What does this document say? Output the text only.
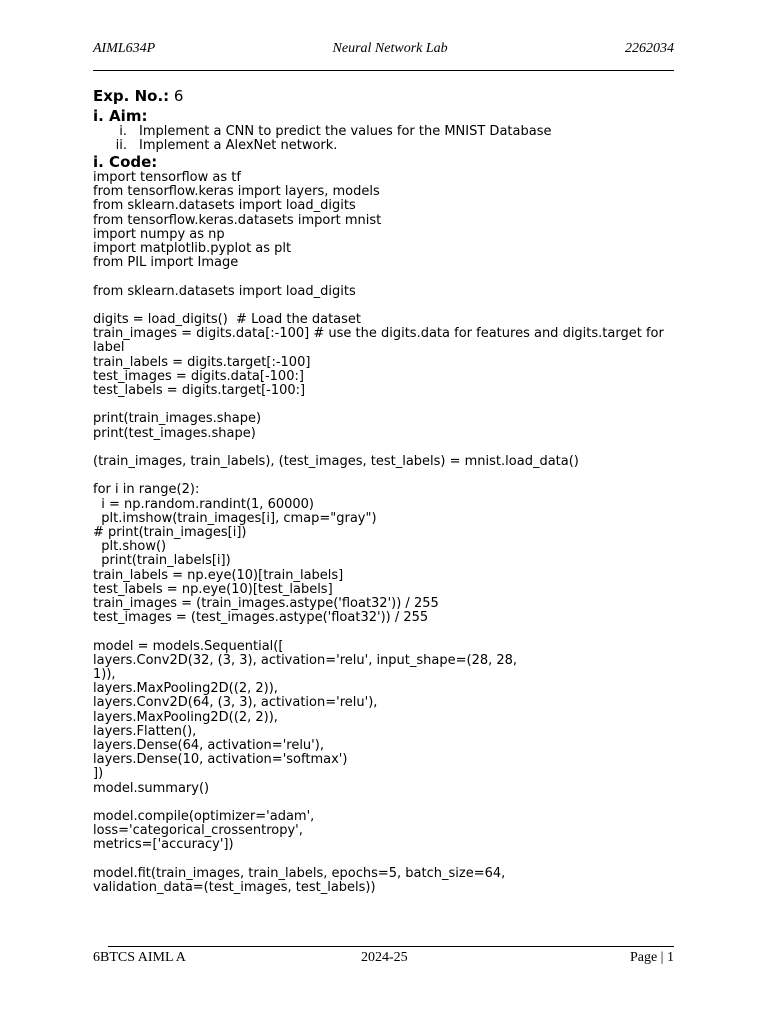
AIML634P	Neural Network Lab	2262034

Exp. No.: 6

i. Aim:
i. Implement a CNN to predict the values for the MNIST Database
ii. Implement a AlexNet network.
i. Code:
import tensorflow as tf
from tensorflow.keras import layers, models
from sklearn.datasets import load_digits
from tensorflow.keras.datasets import mnist
import numpy as np
import matplotlib.pyplot as plt
from PIL import Image
from sklearn.datasets import load_digits
digits = load_digits()  # Load the dataset
train_images = digits.data[:-100] # use the digits.data for features and digits.target for
label
train_labels = digits.target[:-100]
test_images = digits.data[-100:]
test_labels = digits.target[-100:]
print(train_images.shape)
print(test_images.shape)
(train_images, train_labels), (test_images, test_labels) = mnist.load_data()
for i in range(2):
i = np.random.randint(1, 60000)
plt.imshow(train_images[i], cmap="gray")
# print(train_images[i])
plt.show()
print(train_labels[i])
train_labels = np.eye(10)[train_labels]
test_labels = np.eye(10)[test_labels]
train_images = (train_images.astype('float32')) / 255
test_images = (test_images.astype('float32')) / 255
model = models.Sequential([
layers.Conv2D(32, (3, 3), activation='relu', input_shape=(28, 28,
1)),
layers.MaxPooling2D((2, 2)),
layers.Conv2D(64, (3, 3), activation='relu'),
layers.MaxPooling2D((2, 2)),
layers.Flatten(),
layers.Dense(64, activation='relu'),
layers.Dense(10, activation='softmax')
])
model.summary()
model.compile(optimizer='adam',
loss='categorical_crossentropy',
metrics=['accuracy'])
model.fit(train_images, train_labels, epochs=5, batch_size=64,
validation_data=(test_images, test_labels))
6BTCS AIML A	2024-25	Page | 1
